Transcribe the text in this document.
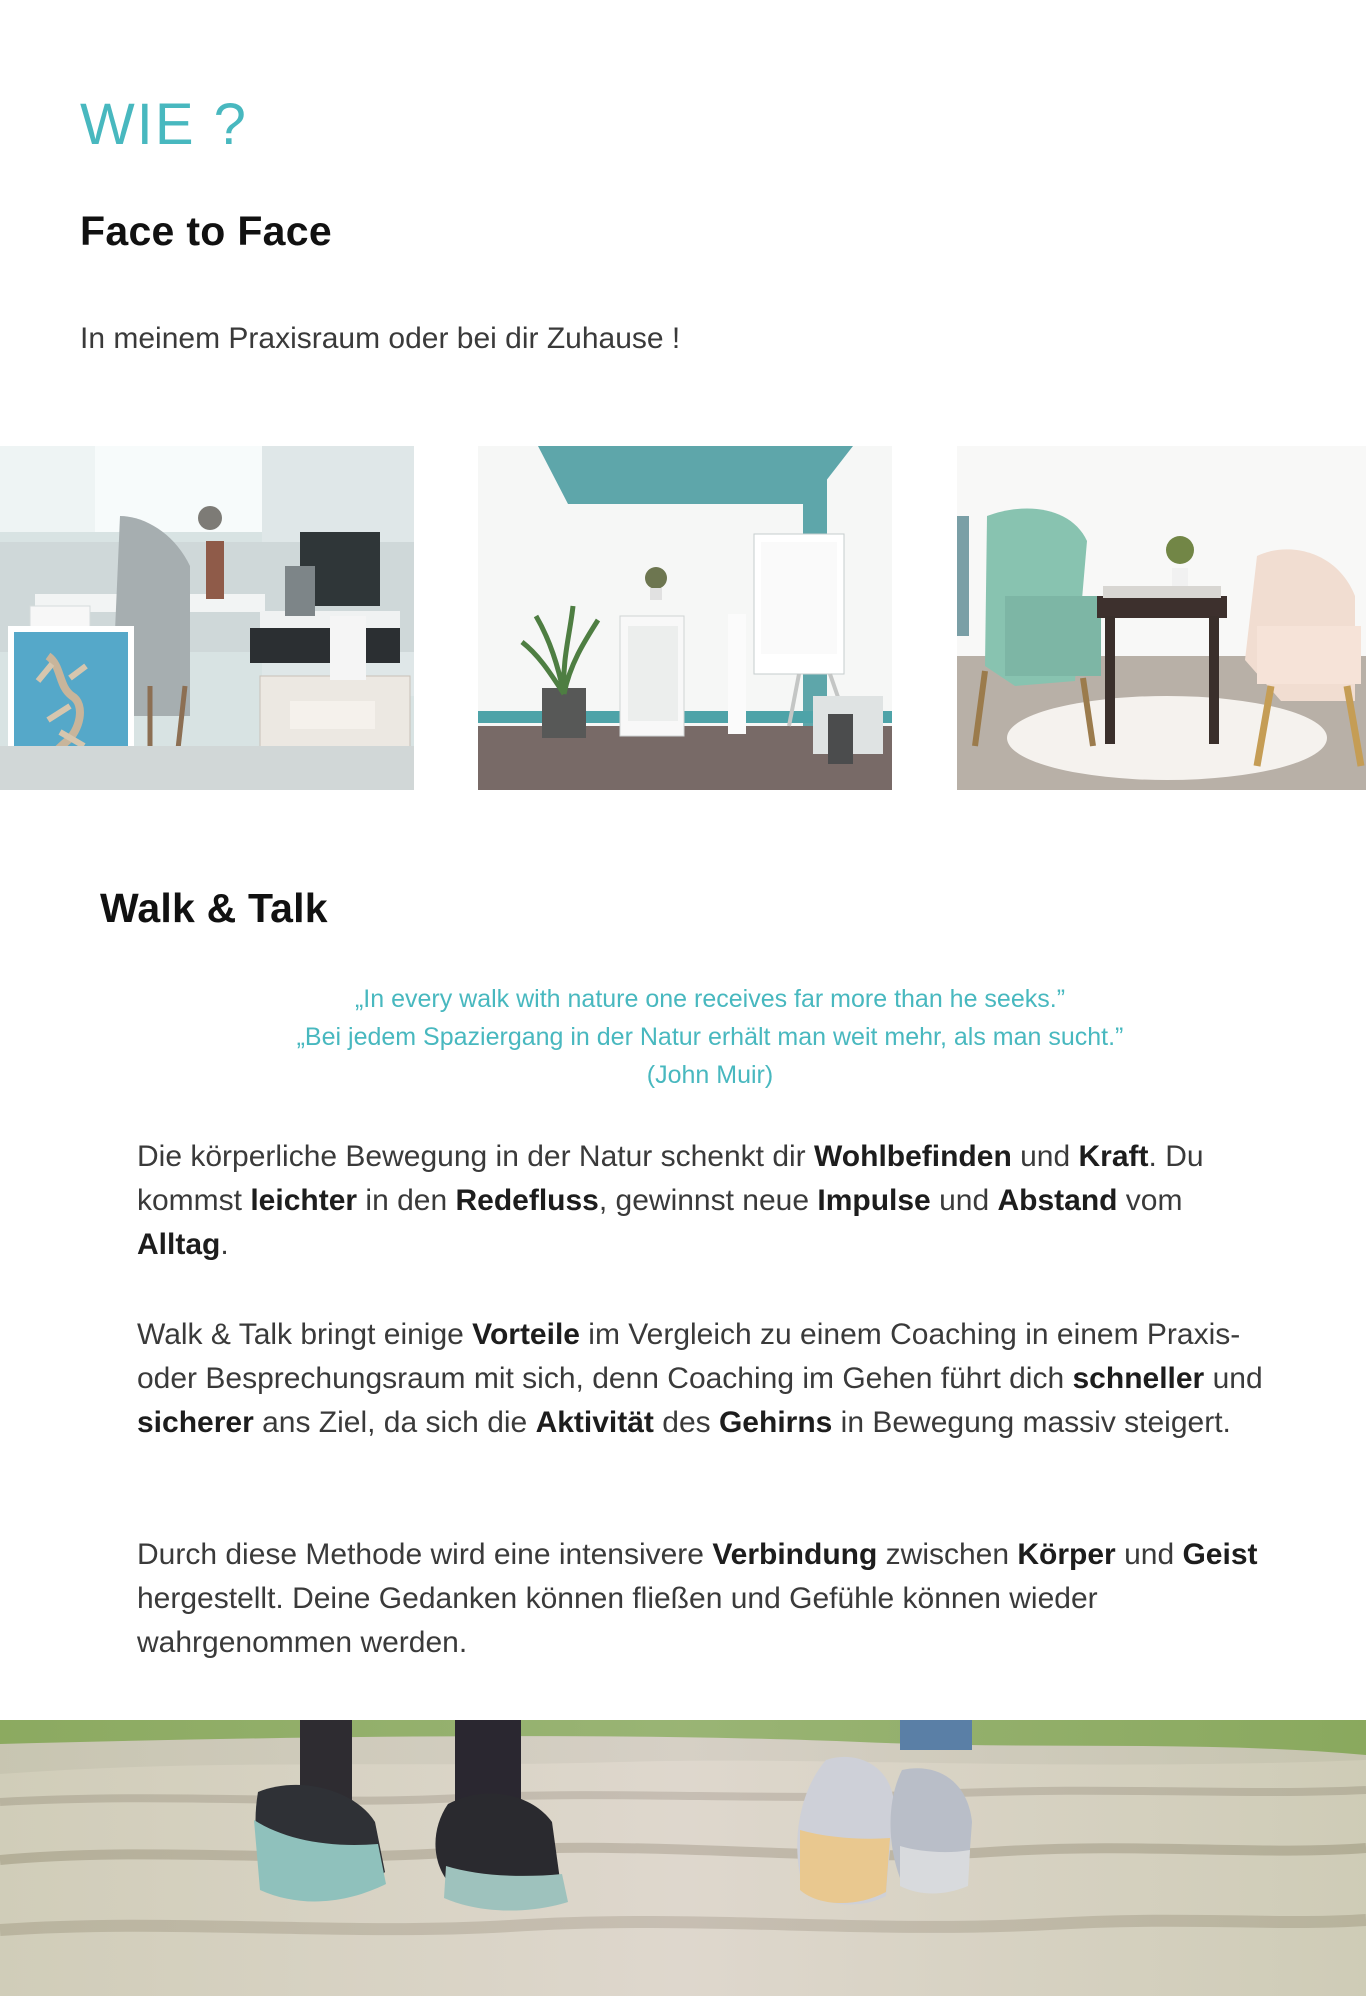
WIE ?
Face to Face
In meinem Praxisraum oder bei dir Zuhause !
Walk & Talk
„In every walk with nature one receives far more than he seeks.”
„Bei jedem Spaziergang in der Natur erhält man weit mehr, als man sucht.”
(John Muir)
Die körperliche Bewegung in der Natur schenkt dir Wohlbefinden und Kraft. Du kommst leichter in den Redefluss, gewinnst neue Impulse und Abstand vom Alltag.
Walk & Talk bringt einige Vorteile im Vergleich zu einem Coaching in einem Praxis- oder Besprechungsraum mit sich, denn Coaching im Gehen führt dich schneller und sicherer ans Ziel, da sich die Aktivität des Gehirns in Bewegung massiv steigert.
Durch diese Methode wird eine intensivere Verbindung zwischen Körper und Geist hergestellt. Deine Gedanken können fließen und Gefühle können wieder wahrgenommen werden.
